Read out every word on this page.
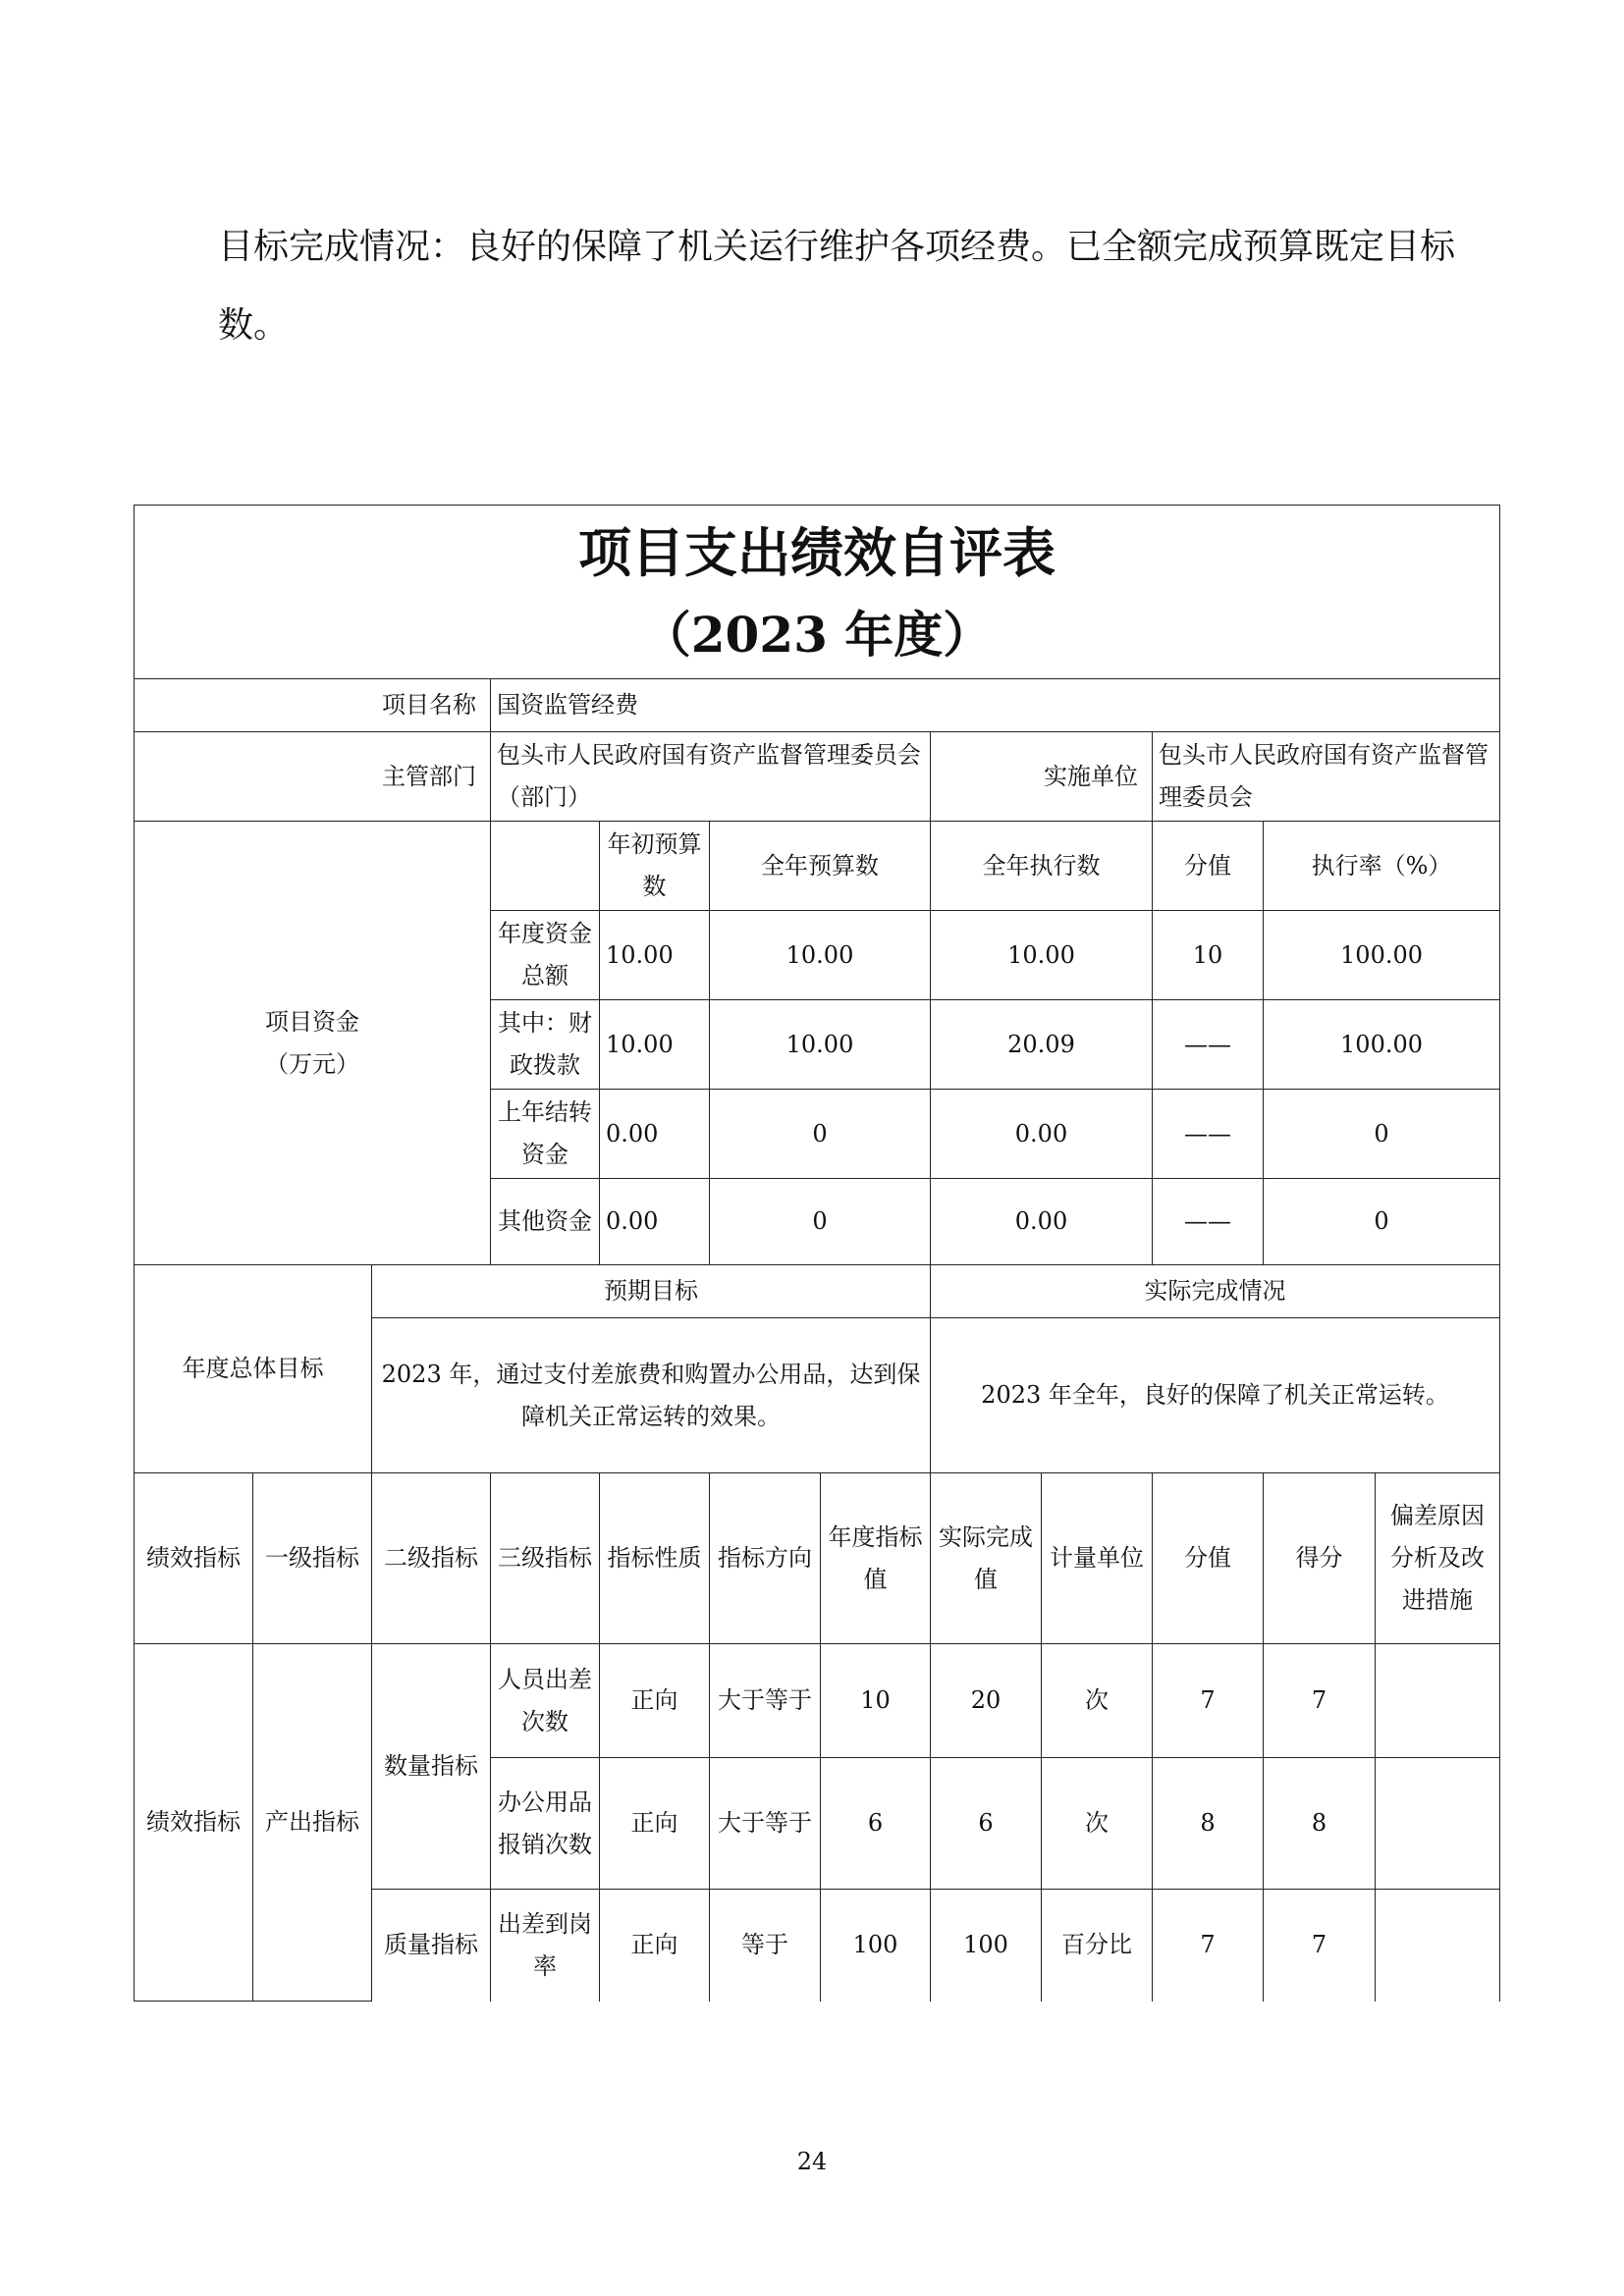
目标完成情况：良好的保障了机关运行维护各项经费。已全额完成预算既定目标数。

项目支出绩效自评表
（2023 年度）												

项目名称			国资监管经费									
主管部门			包头市人民政府国有资产监督管理委员会（部门）				实施单位		包头市人民政府国有资产监督管理委员会			
项目资金
（万元）				年初预算数	全年预算数		全年执行数		分值	执行率（%）	
			年度资金总额	10.00	10.00		10.00		10	100.00	
			其中：财政拨款	10.00	10.00		20.09		——	100.00	
			上年结转资金	0.00	0		0.00		——	0	
			其他资金	0.00	0		0.00		——	0	
年度总体目标		预期目标					实际完成情况					
		2023 年，通过支付差旅费和购置办公用品，达到保障机关正常运转的效果。					2023 年全年，良好的保障了机关正常运转。					
绩效指标	一级指标	二级指标	三级指标	指标性质	指标方向	年度指标值	实际完成值	计量单位	分值	得分	偏差原因分析及改进措施	
绩效指标	产出指标	数量指标	人员出差次数	正向	大于等于	10	20	次	7	7		
			办公用品报销次数	正向	大于等于	6	6	次	8	8		
		质量指标	出差到岗率	正向	等于	100	100	百分比	7	7		
24
